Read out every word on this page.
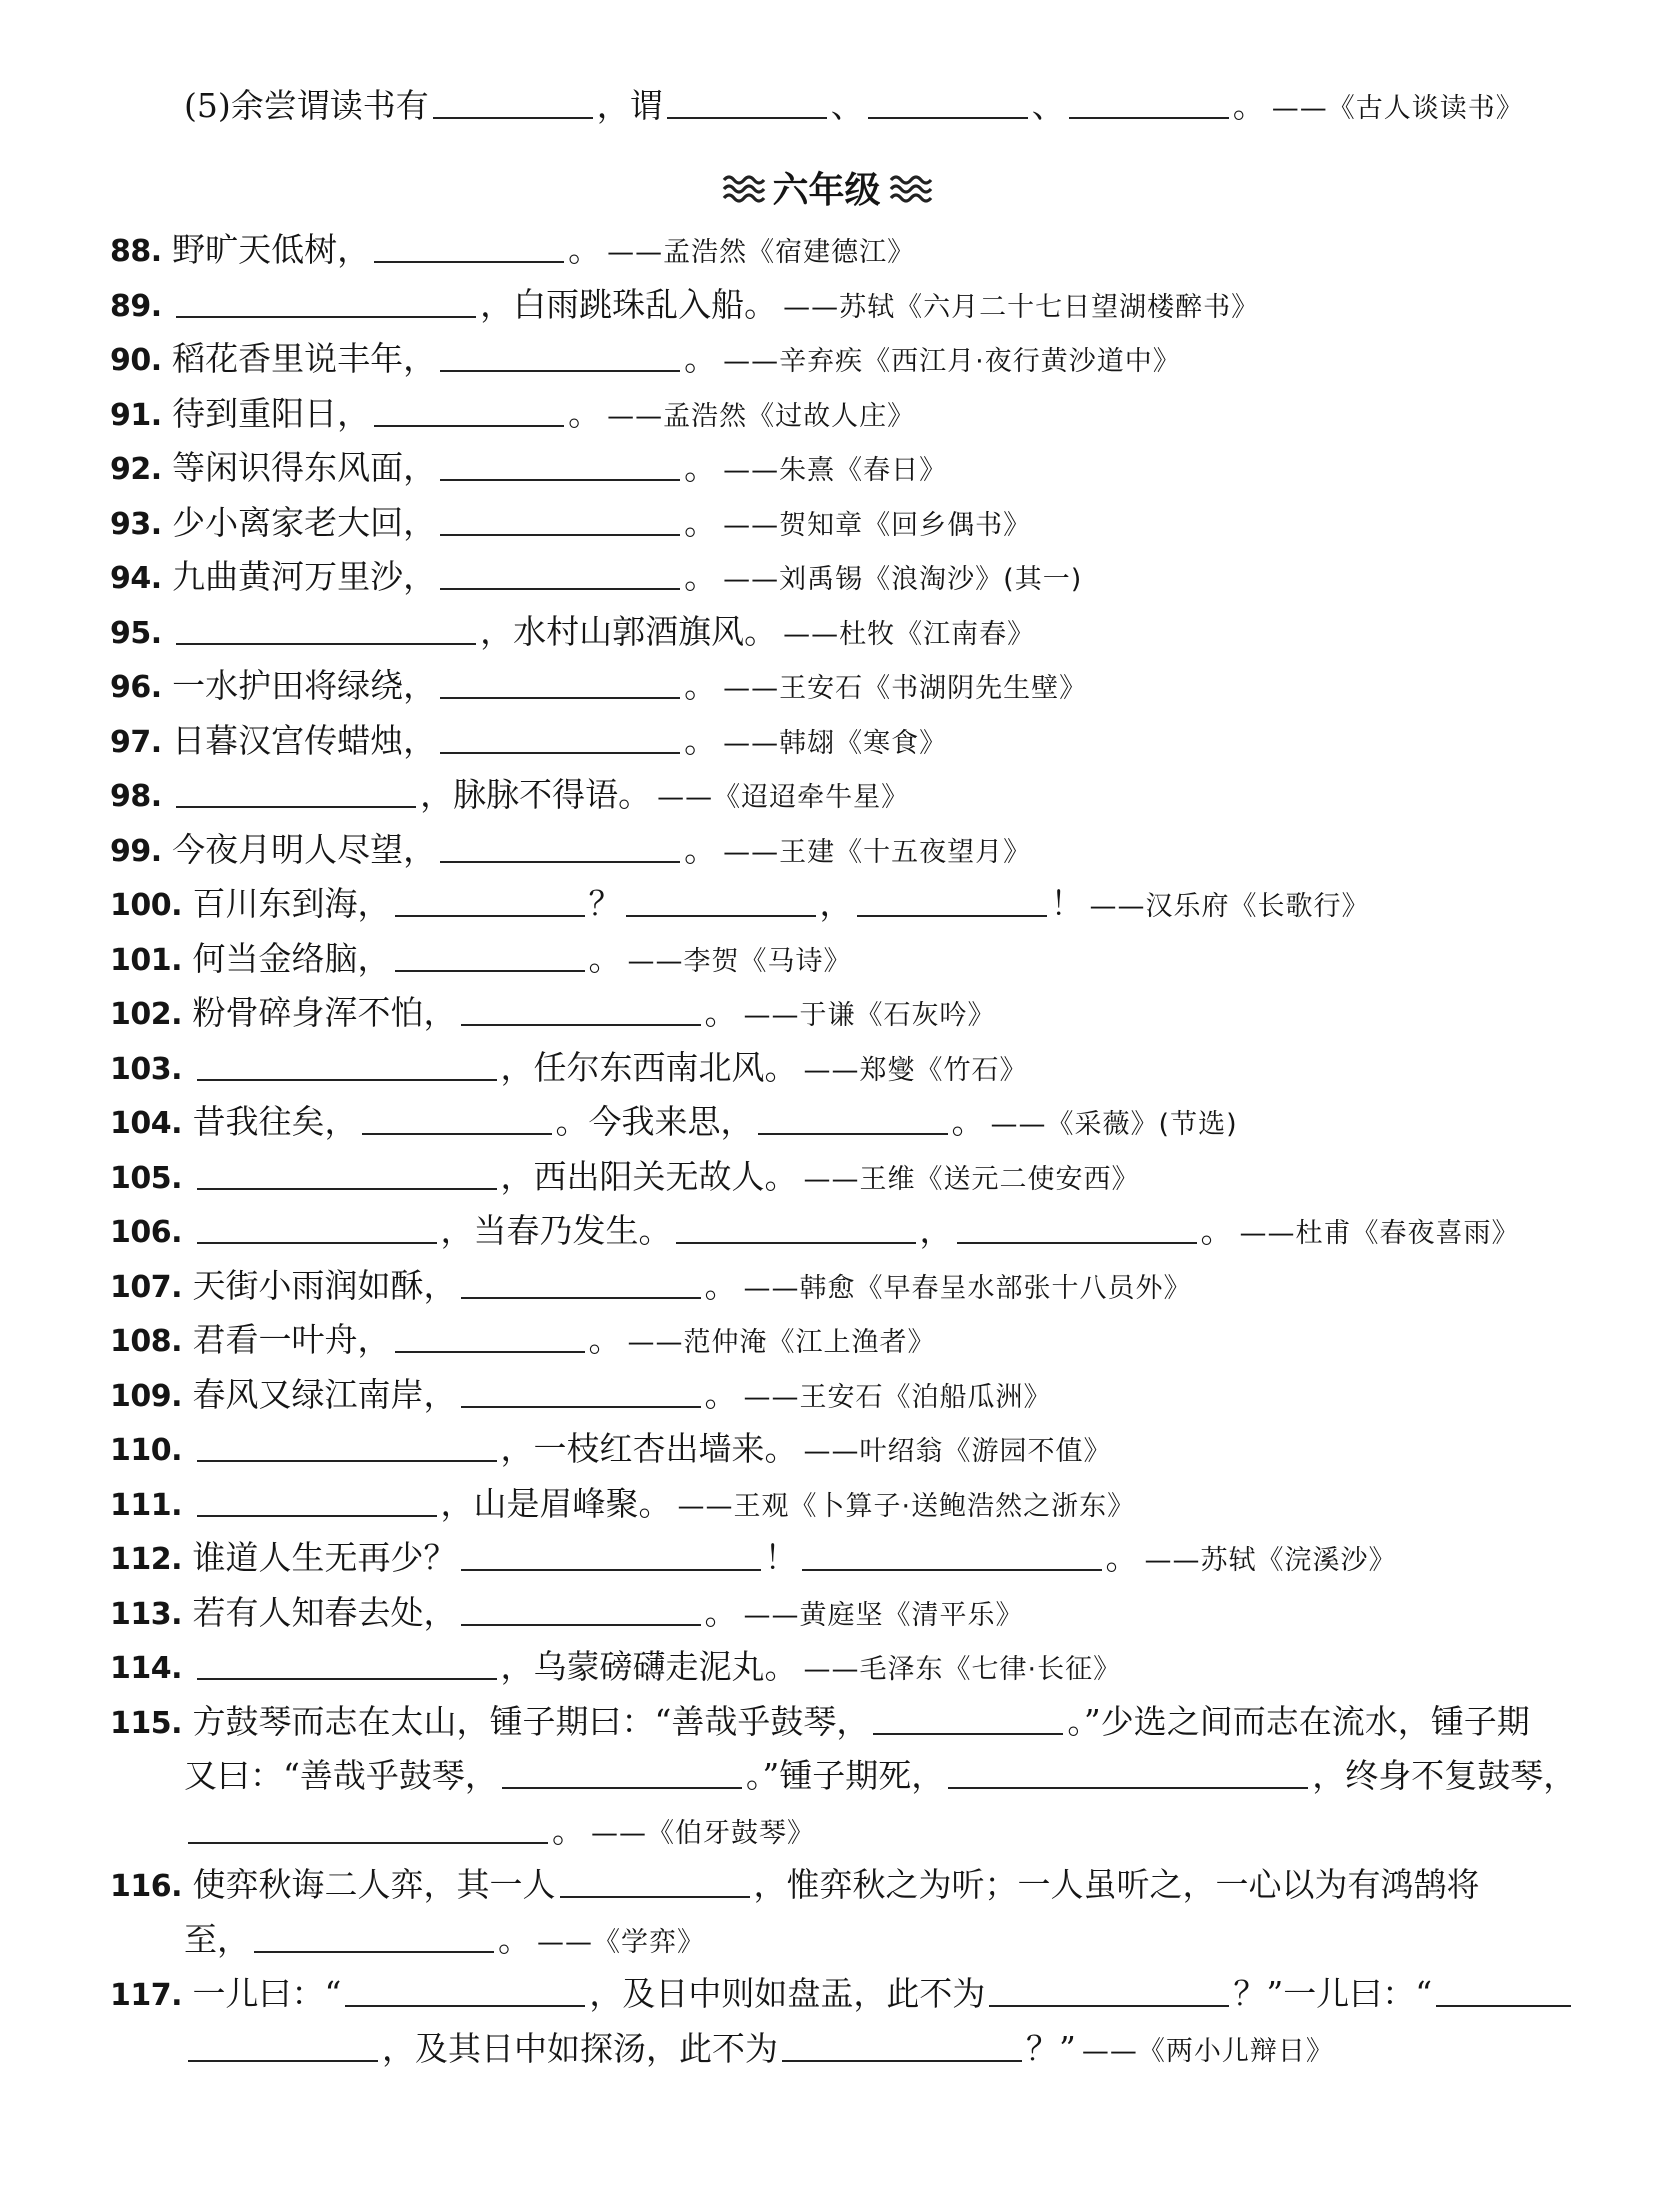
(5)余尝谓读书有	，谓	、	、	。 ——《古人谈读书》
六年级
88. 野旷天低树，	。 ——孟浩然《宿建德江》
89.	，白雨跳珠乱入船。 ——苏轼《六月二十七日望湖楼醉书》
90. 稻花香里说丰年，	。 ——辛弃疾《西江月·夜行黄沙道中》
91. 待到重阳日，	。 ——孟浩然《过故人庄》
92. 等闲识得东风面，	。 ——朱熹《春日》
93. 少小离家老大回，	。 ——贺知章《回乡偶书》
94. 九曲黄河万里沙，	。 ——刘禹锡《浪淘沙》(其一)
95.	，水村山郭酒旗风。 ——杜牧《江南春》
96. 一水护田将绿绕，	。 ——王安石《书湖阴先生壁》
97. 日暮汉宫传蜡烛，	。 ——韩翃《寒食》
98.	，脉脉不得语。 ——《迢迢牵牛星》
99. 今夜月明人尽望，	。 ——王建《十五夜望月》
100. 百川东到海，	？	，	！ ——汉乐府《长歌行》
101. 何当金络脑，	。 ——李贺《马诗》
102. 粉骨碎身浑不怕，	。 ——于谦《石灰吟》
103.	，任尔东西南北风。 ——郑燮《竹石》
104. 昔我往矣，	。今我来思，	。 ——《采薇》(节选)
105.	，西出阳关无故人。 ——王维《送元二使安西》
106.	，当春乃发生。	，	。 ——杜甫《春夜喜雨》
107. 天街小雨润如酥，	。 ——韩愈《早春呈水部张十八员外》
108. 君看一叶舟，	。 ——范仲淹《江上渔者》
109. 春风又绿江南岸，	。 ——王安石《泊船瓜洲》
110.	，一枝红杏出墙来。 ——叶绍翁《游园不值》
111.	，山是眉峰聚。 ——王观《卜算子·送鲍浩然之浙东》
112. 谁道人生无再少？	！	。 ——苏轼《浣溪沙》
113. 若有人知春去处，	。 ——黄庭坚《清平乐》
114.	，乌蒙磅礴走泥丸。 ——毛泽东《七律·长征》
115. 方鼓琴而志在太山，锺子期曰：“善哉乎鼓琴，	。”少选之间而志在流水，锺子期
又曰：“善哉乎鼓琴，	。”锺子期死，	，终身不复鼓琴，
。 ——《伯牙鼓琴》
116. 使弈秋诲二人弈，其一人	，惟弈秋之为听；一人虽听之，一心以为有鸿鹄将
至，	。 ——《学弈》
117. 一儿曰：“	，及日中则如盘盂，此不为	？”一儿曰：“
，及其日中如探汤，此不为	？” ——《两小儿辩日》
